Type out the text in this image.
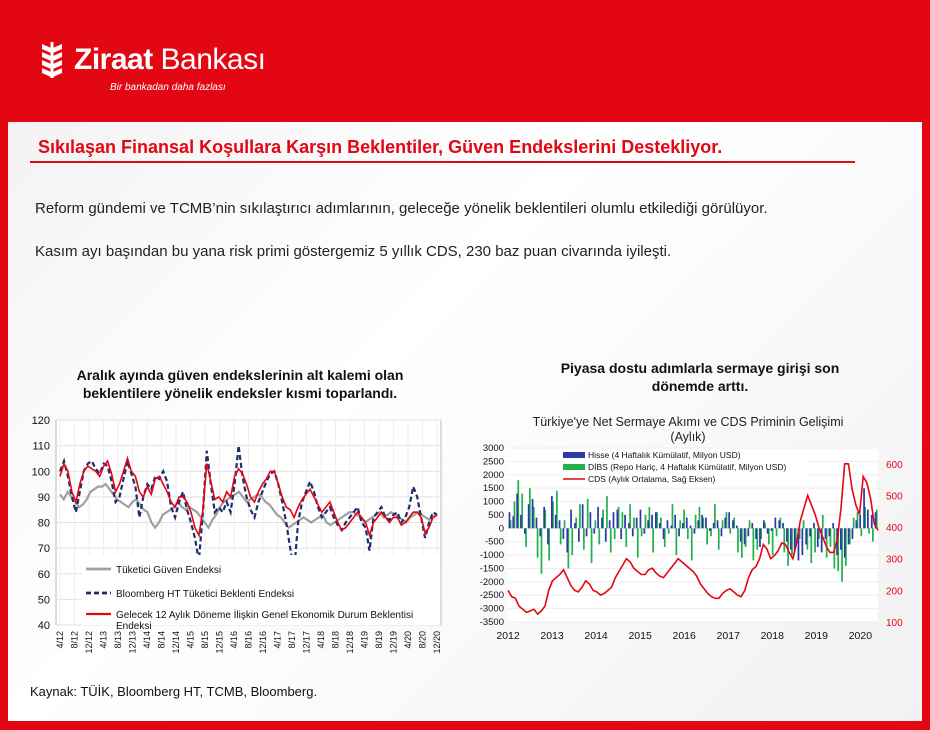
Ziraat Bankası
Bir bankadan daha fazlası
Sıkılaşan Finansal Koşullara Karşın Beklentiler, Güven Endekslerini Destekliyor.
Reform gündemi ve TCMB’nin sıkılaştırıcı adımlarının, geleceğe yönelik beklentileri olumlu etkilediği görülüyor.
Kasım ayı başından bu yana risk primi göstergemiz 5 yıllık CDS, 230 baz puan civarında iyileşti.
Aralık ayında güven endekslerinin alt kalemi olan
beklentilere yönelik endeksler kısmi toparlandı.
Piyasa dostu adımlarla sermaye girişi son
dönemde arttı.
40
50
60
70
80
90
100
110
120
4/12 8/12 12/12 4/13 8/13 12/13 4/14 8/14 12/14 4/15 8/15 12/15 4/16 8/16 12/16 4/17 8/17 12/17 4/18 8/18 12/18 4/19 8/19 12/19 4/20 8/20 12/20
Tüketici Güven Endeksi
Bloomberg HT Tüketici Beklenti Endeksi
Gelecek 12 Aylık Döneme İlişkin Genel Ekonomik Durum Beklentisi
Endeksi
Türkiye'ye Net Sermaye Akımı ve CDS Priminin Gelişimi
(Aylık)
3000
2500
2000
1500
1000
500
0
-500
-1000
-1500
-2000
-2500
-3000
-3500
600
500
400
300
200
100
2012 2013 2014 2015 2016 2017 2018 2019 2020
Hisse (4 Haftalık Kümülatif, Milyon USD)
DİBS (Repo Hariç, 4 Haftalık Kümülatif, Milyon USD)
CDS (Aylık Ortalama, Sağ Eksen)
Kaynak: TÜİK, Bloomberg HT, TCMB, Bloomberg.
